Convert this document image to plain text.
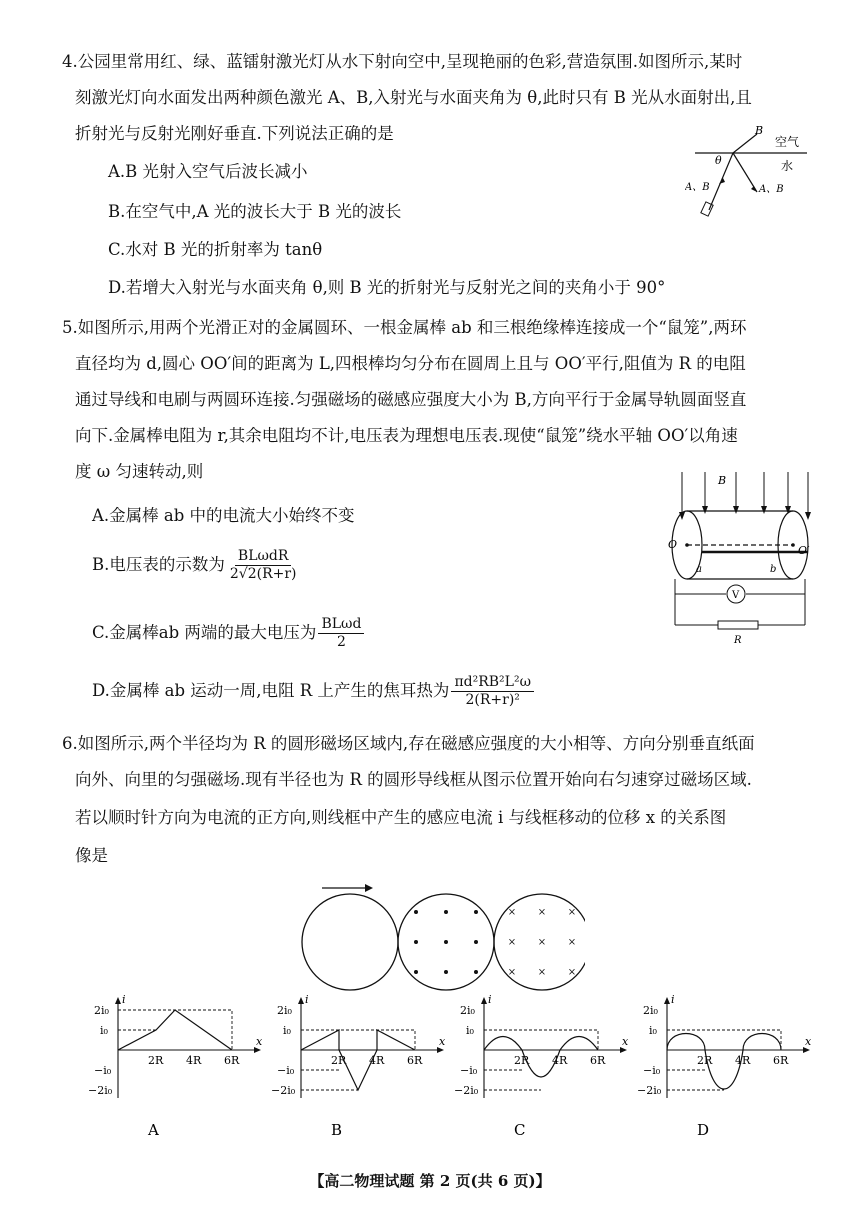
4.公园里常用红、绿、蓝镭射激光灯从水下射向空中,呈现艳丽的色彩,营造氛围.如图所示,某时
刻激光灯向水面发出两种颜色激光 A、B,入射光与水面夹角为 θ,此时只有 B 光从水面射出,且
折射光与反射光刚好垂直.下列说法正确的是
A.B 光射入空气后波长减小
B.在空气中,A 光的波长大于 B 光的波长
C.水对 B 光的折射率为 tanθ
D.若增大入射光与水面夹角 θ,则 B 光的折射光与反射光之间的夹角小于 90°
空气
水
B
θ
A、B	A、B
5.如图所示,用两个光滑正对的金属圆环、一根金属棒 ab 和三根绝缘棒连接成一个“鼠笼”,两环
直径均为 d,圆心 OO′间的距离为 L,四根棒均匀分布在圆周上且与 OO′平行,阻值为 R 的电阻
通过导线和电刷与两圆环连接.匀强磁场的磁感应强度大小为 B,方向平行于金属导轨圆面竖直
向下.金属棒电阻为 r,其余电阻均不计,电压表为理想电压表.现使“鼠笼”绕水平轴 OO′以角速
度 ω 匀速转动,则
A.金属棒 ab 中的电流大小始终不变
B.电压表的示数为 $\frac{\text{BLωdR}}{2√2(R+r)}$
C.金属棒ab 两端的最大电压为 $\frac{\text{BLωd}}{2}$
D.金属棒 ab 运动一周,电阻 R 上产生的焦耳热为 $\frac{\text{πd²RB²L²ω}}{\text{2(R+r)²}}$
B
O	O′
a	b
V
R
6.如图所示,两个半径均为 R 的圆形磁场区域内,存在磁感应强度的大小相等、方向分别垂直纸面
向外、向里的匀强磁场.现有半径也为 R 的圆形导线框从图示位置开始向右匀速穿过磁场区域.
若以顺时针方向为电流的正方向,则线框中产生的感应电流 i 与线框移动的位移 x 的关系图
像是
× × ×
× × ×
× × ×
i
x
2i₀
i₀
−i₀
−2i₀
2R 4R 6R
A
i
x
2i₀
i₀
−i₀
−2i₀
2R 4R 6R
B
i
x
2i₀
i₀
−i₀
−2i₀
2R 4R 6R
C
i
x
2i₀
i₀
−i₀
−2i₀
2R 4R 6R
D
【高二物理试题 第 2 页(共 6 页)】
